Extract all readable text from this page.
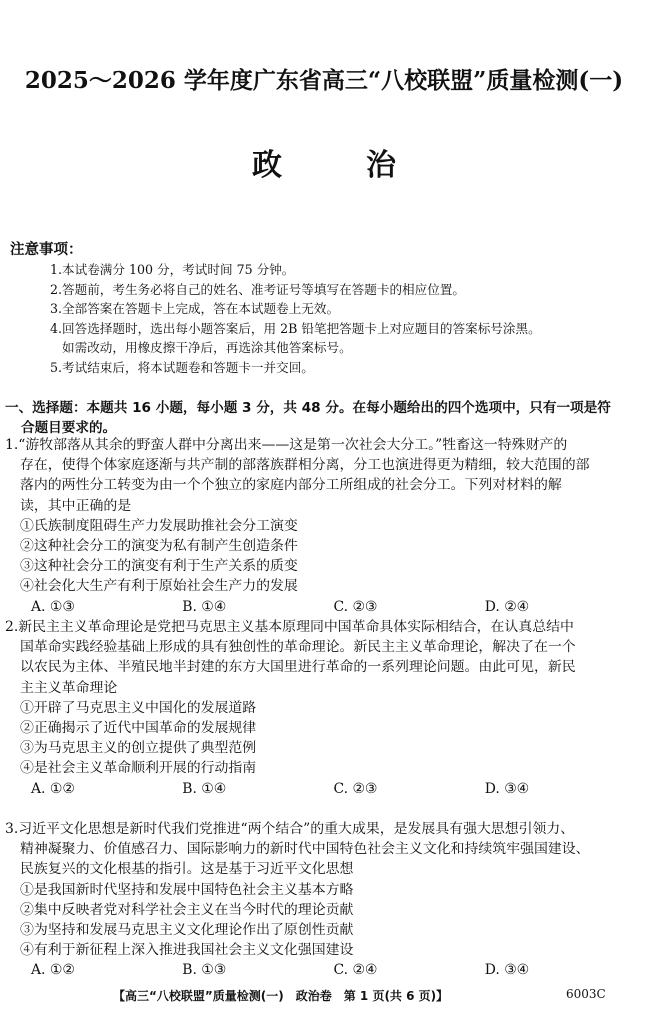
2025～2026 学年度广东省高三“八校联盟”质量检测(一)
政	治
注意事项：
1.本试卷满分 100 分，考试时间 75 分钟。
2.答题前，考生务必将自己的姓名、准考证号等填写在答题卡的相应位置。
3.全部答案在答题卡上完成，答在本试题卷上无效。
4.回答选择题时，选出每小题答案后，用 2B 铅笔把答题卡上对应题目的答案标号涂黑。
如需改动，用橡皮擦干净后，再选涂其他答案标号。
5.考试结束后，将本试题卷和答题卡一并交回。
一、选择题：本题共 16 小题，每小题 3 分，共 48 分。在每小题给出的四个选项中，只有一项是符
合题目要求的。
1.“游牧部落从其余的野蛮人群中分离出来——这是第一次社会大分工。”牲畜这一特殊财产的
存在，使得个体家庭逐渐与共产制的部落族群相分离，分工也演进得更为精细，较大范围的部
落内的两性分工转变为由一个个独立的家庭内部分工所组成的社会分工。下列对材料的解
读，其中正确的是
①氏族制度阻碍生产力发展助推社会分工演变
②这种社会分工的演变为私有制产生创造条件
③这种社会分工的演变有利于生产关系的质变
④社会化大生产有利于原始社会生产力的发展
A. ①③	B. ①④	C. ②③	D. ②④
2.新民主主义革命理论是党把马克思主义基本原理同中国革命具体实际相结合，在认真总结中
国革命实践经验基础上形成的具有独创性的革命理论。新民主主义革命理论，解决了在一个
以农民为主体、半殖民地半封建的东方大国里进行革命的一系列理论问题。由此可见，新民
主主义革命理论
①开辟了马克思主义中国化的发展道路
②正确揭示了近代中国革命的发展规律
③为马克思主义的创立提供了典型范例
④是社会主义革命顺利开展的行动指南
A. ①②	B. ①④	C. ②③	D. ③④
3.习近平文化思想是新时代我们党推进“两个结合”的重大成果，是发展具有强大思想引领力、
精神凝聚力、价值感召力、国际影响力的新时代中国特色社会主义文化和持续筑牢强国建设、
民族复兴的文化根基的指引。这是基于习近平文化思想
①是我国新时代坚持和发展中国特色社会主义基本方略
②集中反映者党对科学社会主义在当今时代的理论贡献
③为坚持和发展马克思主义文化理论作出了原创性贡献
④有利于新征程上深入推进我国社会主义文化强国建设
A. ①②	B. ①③	C. ②④	D. ③④
【高三“八校联盟”质量检测(一)　政治卷　第 1 页(共 6 页)】	6003C
